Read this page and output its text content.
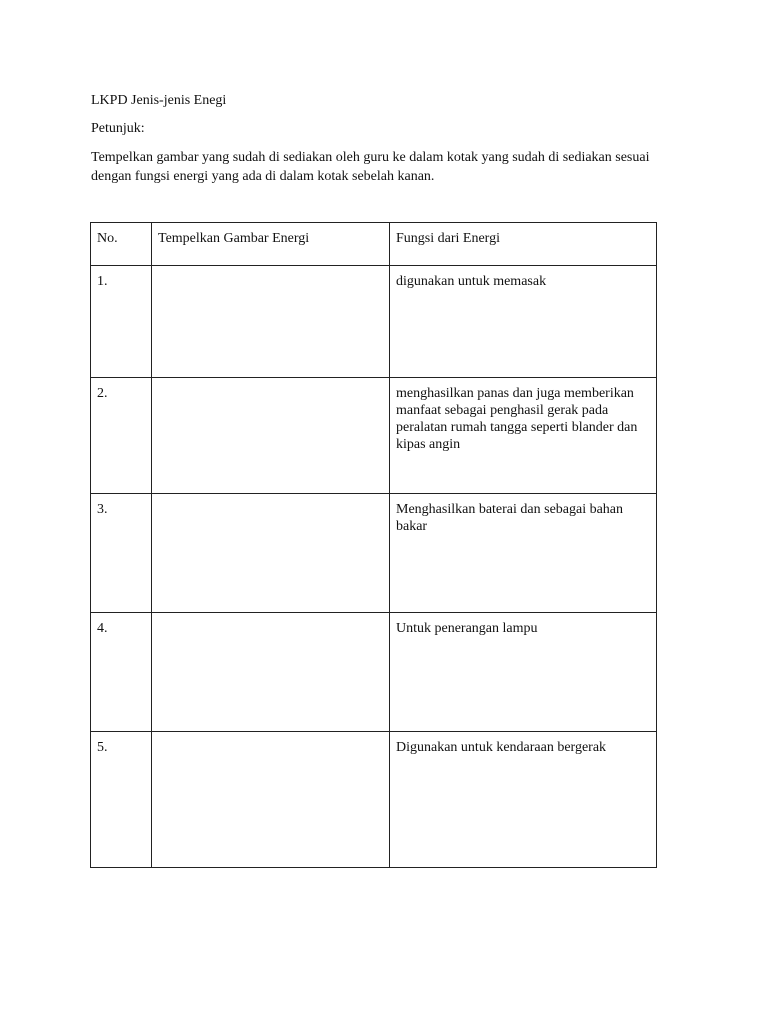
LKPD Jenis-jenis Enegi
Petunjuk:
Tempelkan gambar yang sudah di sediakan oleh guru ke dalam kotak yang sudah di sediakan sesuai dengan fungsi energi yang ada di dalam kotak sebelah kanan.
No.	Tempelkan Gambar Energi	Fungsi dari Energi
1.		digunakan untuk memasak
2.		menghasilkan panas dan juga memberikan manfaat sebagai penghasil gerak pada peralatan rumah tangga seperti blander dan kipas angin
3.		Menghasilkan baterai dan sebagai bahan bakar
4.		Untuk penerangan lampu
5.		Digunakan untuk kendaraan bergerak
